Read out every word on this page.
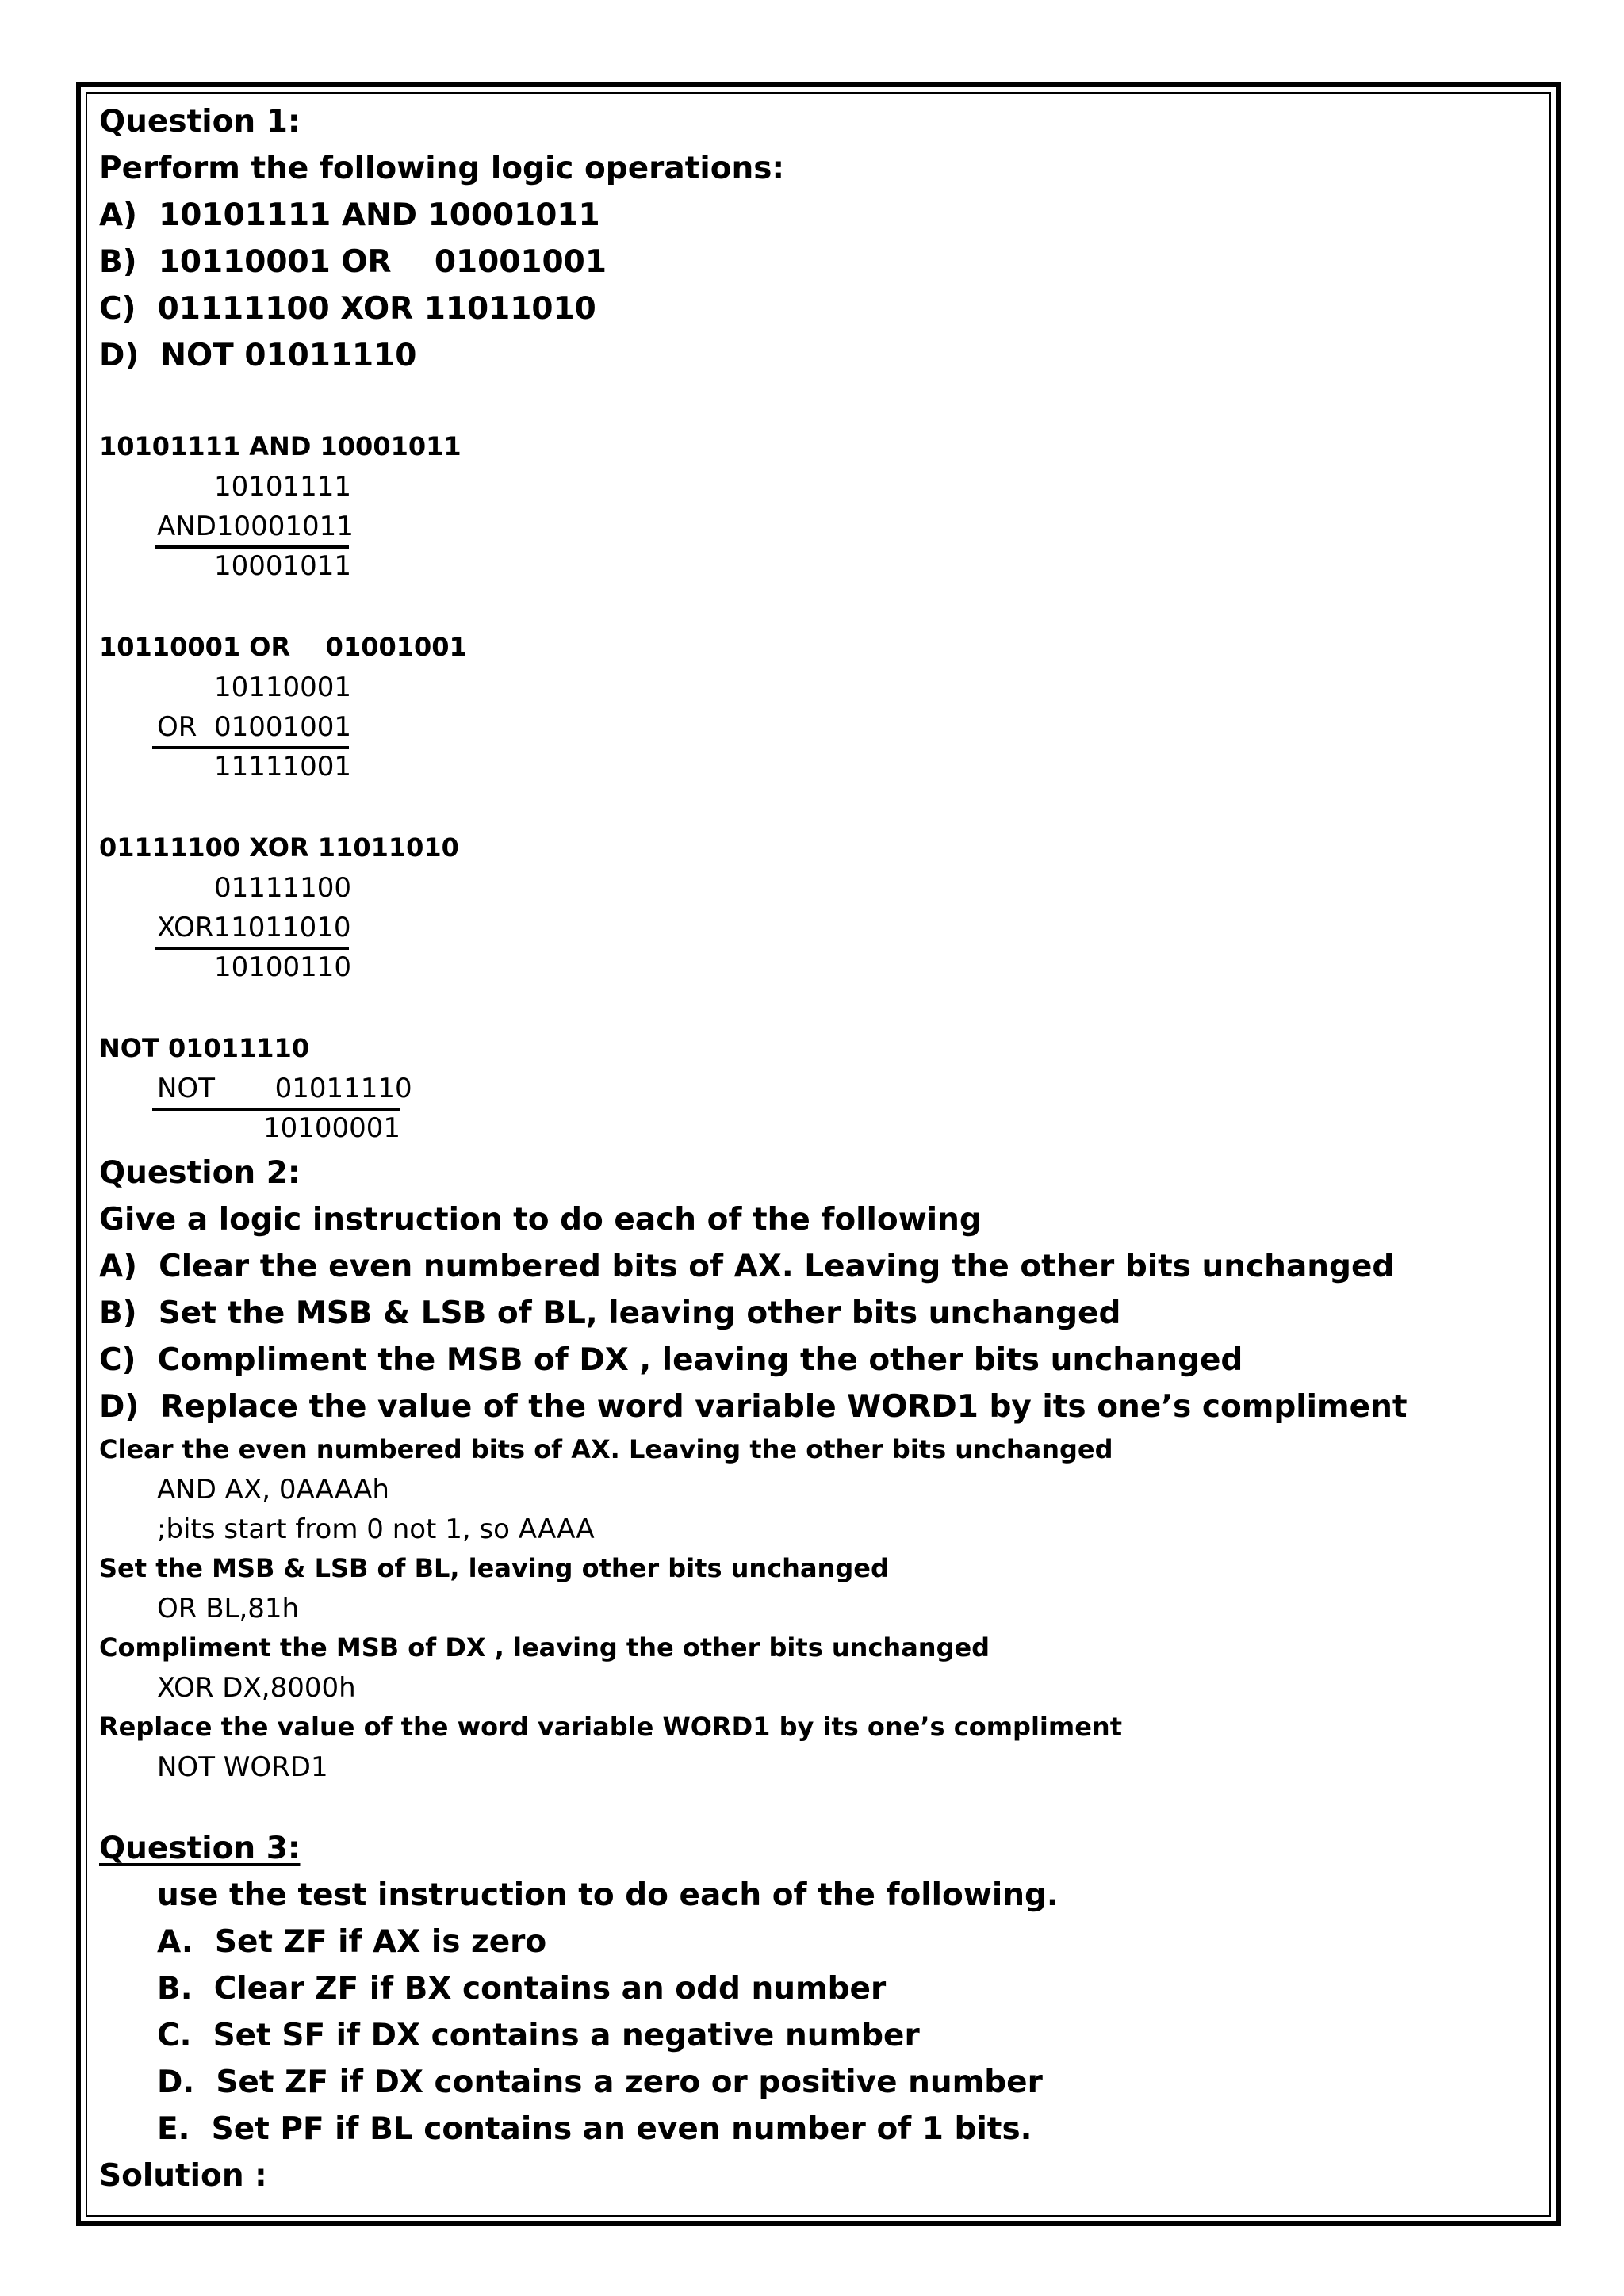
Question 1:
Perform the following logic operations:
A)  10101111 AND 10001011
B)  10110001 OR    01001001
C)  01111100 XOR 11011010
D)  NOT 01011110
10101111 AND 10001011
10101111
AND10001011
10001011
10110001 OR    01001001
10110001
OR  01001001
11111001
01111100 XOR 11011010
01111100
XOR11011010
10100110
NOT 01011110
NOT       01011110
10100001
Question 2:
Give a logic instruction to do each of the following
A)  Clear the even numbered bits of AX. Leaving the other bits unchanged
B)  Set the MSB & LSB of BL, leaving other bits unchanged
C)  Compliment the MSB of DX , leaving the other bits unchanged
D)  Replace the value of the word variable WORD1 by its one’s compliment
Clear the even numbered bits of AX. Leaving the other bits unchanged
AND AX, 0AAAAh
;bits start from 0 not 1, so AAAA
Set the MSB & LSB of BL, leaving other bits unchanged
OR BL,81h
Compliment the MSB of DX , leaving the other bits unchanged
XOR DX,8000h
Replace the value of the word variable WORD1 by its one’s compliment
NOT WORD1
Question 3:
use the test instruction to do each of the following.
A.  Set ZF if AX is zero
B.  Clear ZF if BX contains an odd number
C.  Set SF if DX contains a negative number
D.  Set ZF if DX contains a zero or positive number
E.  Set PF if BL contains an even number of 1 bits.
Solution :
